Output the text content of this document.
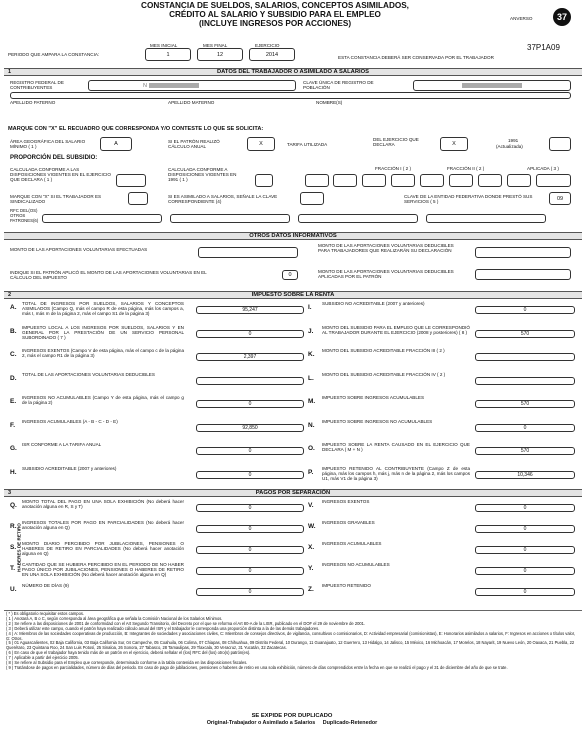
CONSTANCIA DE SUELDOS, SALARIOS, CONCEPTOS ASIMILADOS,
CRÉDITO AL SALARIO Y SUBSIDIO PARA EL EMPLEO
(INCLUYE INGRESOS POR ACCIONES)
ANVERSO	37
37P1A09
PERIODO QUE AMPARA LA CONSTANCIA:
MES INICIAL	MES FINAL	EJERCICIO
1	12	2014	ESTA CONSTANCIA DEBERÁ SER CONSERVADA POR EL TRABAJADOR
1	DATOS DEL TRABAJADOR O ASIMILADO A SALARIOS
REGISTRO FEDERAL DE CONTRIBUYENTES	N	CLAVE ÚNICA DE REGISTRO DE POBLACIÓN
APELLIDO PATERNO	APELLIDO MATERNO	NOMBRE(S)
MARQUE CON "X" EL RECUADRO QUE CORRESPONDA Y/O CONTESTE LO QUE SE SOLICITA:
ÁREA GEOGRÁFICA DEL SALARIO MÍNIMO ( 1 )	A	SI EL PATRÓN REALIZÓ CÁLCULO ANUAL	X	TARIFA UTILIZADA
DEL EJERCICIO QUE DECLARA	X
1991
(Actualizada)
PROPORCIÓN DEL SUBSIDIO:
CALCULADA CONFORME A LAS DISPOSICIONES VIGENTES EN EL EJERCICIO QUE DECLARA ( 1 )
CALCULADA CONFORME A DISPOSICIONES VIGENTES EN 1991 ( 1 )
FRACCIÓN I ( 2 )	FRACCIÓN II ( 2 )	APLICADA ( 3 )
MARQUE CON "X" SI EL TRABAJADOR ES SINDICALIZADO
SI ES ASIMILADO A SALARIOS, SEÑALE LA CLAVE CORRESPONDIENTE (4)
CLAVE DE LA ENTIDAD FEDERATIVA DONDE PRESTÓ SUS SERVICIOS ( 5 )
09
RFC DEL(OS)
OTROS
PATRONES(6)
OTROS DATOS INFORMATIVOS
MONTO DE LAS APORTACIONES VOLUNTARIAS EFECTUADAS
MONTO DE LAS APORTACIONES VOLUNTARIAS DEDUCIBLES PARA TRABAJADORES QUE REALIZARÁN SU DECLARACIÓN
INDIQUE SI EL PATRÓN APLICÓ EL MONTO DE LAS APORTACIONES VOLUNTARIAS EN EL CÁLCULO DEL IMPUESTO	0
MONTO DE LAS APORTACIONES VOLUNTARIAS DEDUCIBLES APLICADAS POR EL PATRÓN
2	IMPUESTO SOBRE LA RENTA
A.
TOTAL DE INGRESOS POR SUELDOS, SALARIOS Y CONCEPTOS ASIMILADOS (Campo Q, más el campo R de esta página, más los campos a, más I, más m de la página 2, más el campo S1 de la página 3)
95,247
B.
IMPUESTO LOCAL A LOS INGRESOS POR SUELDOS, SALARIOS Y EN GENERAL POR LA PRESTACIÓN DE UN SERVICIO PERSONAL SUBORDINADO ( 7 )
0
C.
INGRESOS EXENTOS (Campo V de esta página, más el campo c de la página 2, más el campo R1 de la página 3)	2,397
D.
TOTAL DE LAS APORTACIONES VOLUNTARIAS DEDUCIBLES
E.
INGRESOS NO ACUMULABLES (Campo Y de esta página, más el campo g de la página 2)	0
F.
INGRESOS ACUMULABLES (A - B - C - D - E)
92,850
G.
ISR CONFORME A LA TARIFA ANUAL
0
H.
SUBSIDIO ACREDITABLE (2007 y anteriores)
0
I.
SUBSIDIO NO ACREDITABLE (2007 y anteriores)
0
J.
MONTO DEL SUBSIDIO PARA EL EMPLEO QUE LE CORRESPONDIÓ AL TRABAJADOR DURANTE EL EJERCICIO (2008 y posteriores) ( 8 )	570
K.
MONTO DEL SUBSIDIO ACREDITABLE FRACCIÓN III ( 2 )
L.
MONTO DEL SUBSIDIO ACREDITABLE FRACCIÓN IV ( 2 )
M.
IMPUESTO SOBRE INGRESOS ACUMULABLES
570
N.
IMPUESTO SOBRE INGRESOS NO ACUMULABLES
0
O.
IMPUESTO SOBRE LA RENTA CAUSADO EN EL EJERCICIO QUE DECLARA ( M + N )	570
P.
IMPUESTO RETENIDO AL CONTRIBUYENTE (Campo Z de esta página, más los campos h, más j, más n de la página 2, más los campos U1, más V1 de la página 3)
10,346
3	PAGOS POR SEPARACIÓN
HABERES DE RETIRO
Q.
MONTO TOTAL DEL PAGO EN UNA SOLA EXHIBICIÓN (No deberá hacer anotación alguna en R, S y T)	0
R.
INGRESOS TOTALES POR PAGO EN PARCIALIDADES (No deberá hacer anotación alguna en Q)	0
S.
MONTO DIARIO PERCIBIDO POR JUBILACIONES, PENSIONES O HABERES DE RETIRO EN PARCIALIDADES (No deberá hacer anotación alguna en Q)
0
T.
CANTIDAD QUE SE HUBIERA PERCIBIDO EN EL PERIODO DE NO HABER PAGO ÚNICO POR JUBILACIONES, PENSIONES O HABERES DE RETIRO EN UNA SOLA EXHIBICIÓN (No deberá hacer anotación alguna en Q)
0
U.
NÚMERO DE DÍAS (9)
0
V.
INGRESOS EXENTOS
0
W.
INGRESOS GRAVABLES
0
X.
INGRESOS ACUMULABLES
0
Y.
INGRESOS NO ACUMULABLES
0
Z.
IMPUESTO RETENIDO
0
( * ) Es obligatorio requisitar estos campos.
( 1 ) Anotará A, B o C, según corresponda al área geográfica que señala la Comisión Nacional de los Salarios Mínimos.
( 2 ) Se refiere a las disposiciones de 2001 de conformidad con el Art Segundo Transitorio, del Decreto por el que se reforma el Art 80-A de la LISR, publicado en el DOF el 29 de noviembre de 2001.
( 3 ) Deberá utilizar este campo, cuando el patrón haya realizado cálculo anual del ISR y el trabajador le corresponda una proporción distinta a la de las demás trabajadores.
( 4 ) A: Miembros de las sociedades cooperativas de producción, B: Integrantes de sociedades y asociaciones civiles, C: Miembros de consejos directivos, de vigilancia, consultivos o comisionarios, D: Actividad empresarial (comisionistas), E: Honorarios asimilados a salarios, F: Ingresos en acciones o títulos valor, G: Otros.
( 5 ) 01 Aguascalientes, 02 Baja California, 03 Baja California Sur, 04 Campeche, 05 Coahuila, 06 Colima, 07 Chiapas, 08 Chihuahua, 09 Distrito Federal, 10 Durango, 11 Guanajuato, 12 Guerrero, 13 Hidalgo, 14 Jalisco, 15 México, 16 Michoacán, 17 Morelos, 18 Nayarit, 19 Nuevo León, 20 Oaxaca, 21 Puebla, 22 Querétaro, 23 Quintana Roo, 24 San Luis Potosí, 25 Sinaloa, 26 Sonora, 27 Tabasco, 28 Tamaulipas, 29 Tlaxcala, 30 Veracruz, 31 Yucatán, 32 Zacatecas.
( 6 ) En caso de que el trabajador haya tenido más de un patrón en el ejercicio, deberá señalar el (los) RFC del (los) otro(s) patrón(es).
( 7 ) Aplicable a partir del ejercicio 2005.
( 8 ) Se refiere al Subsidio para el Empleo que corresponde, determinado conforme a la tabla contenida en las disposiciones fiscales.
( 9 ) Tratándose de pagos en parcialidades, número de días del periodo. En caso de pago de jubilaciones, pensiones o haberes de retiro en una sola exhibición, número de días comprendidos entre la fecha en que se realizó el pago y el 31 de diciembre del año de que se trate.
SE EXPIDE POR DUPLICADO
Original-Trabajador o Asimilado a Salarios     Duplicado-Retenedor
